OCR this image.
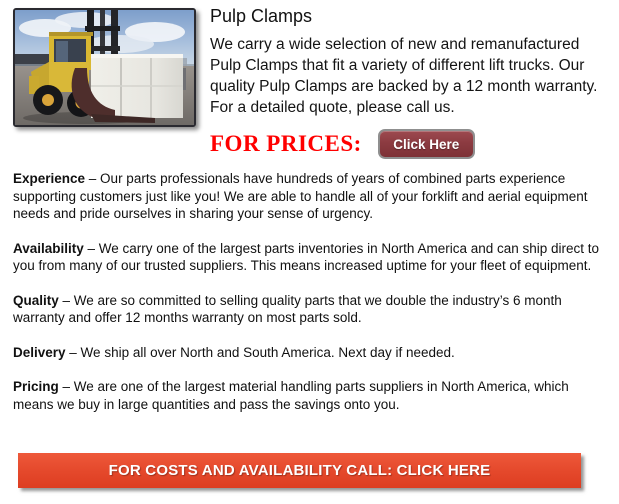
Pulp Clamps

We carry a wide selection of new and remanufactured Pulp Clamps that fit a variety of different lift trucks. Our quality Pulp Clamps are backed by a 12 month warranty. For a detailed quote, please call us.

FOR PRICES:	Click Here

Experience – Our parts professionals have hundreds of years of combined parts experience supporting customers just like you! We are able to handle all of your forklift and aerial equipment needs and pride ourselves in sharing your sense of urgency.

Availability – We carry one of the largest parts inventories in North America and can ship direct to you from many of our trusted suppliers. This means increased uptime for your fleet of equipment.

Quality – We are so committed to selling quality parts that we double the industry’s 6 month warranty and offer 12 months warranty on most parts sold.

Delivery – We ship all over North and South America. Next day if needed.

Pricing – We are one of the largest material handling parts suppliers in North America, which means we buy in large quantities and pass the savings onto you.

FOR COSTS AND AVAILABILITY CALL: CLICK HERE
